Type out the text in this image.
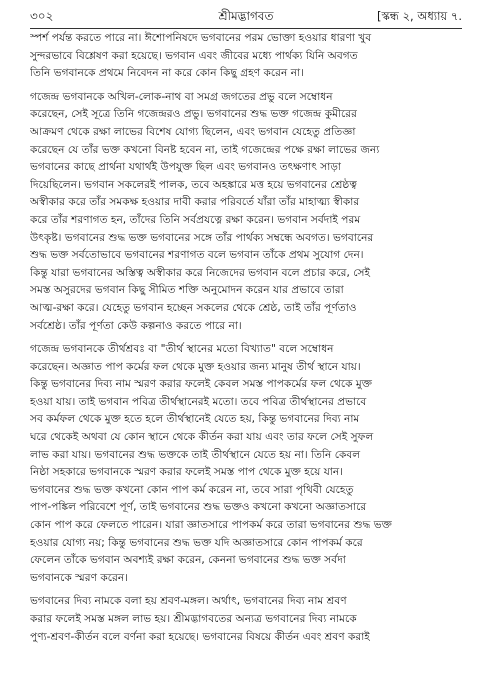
৩০২	শ্রীমদ্ভাগবত	[স্কন্ধ ২, অধ্যায় ৭.
স্পর্শ পর্যন্ত করতে পারে না। ঈশোপনিষদে ভগবানের পরম ভোক্তা হওয়ার ধারণা খুব
সুন্দরভাবে বিশ্লেষণ করা হয়েছে। ভগবান এবং জীবের মধ্যে পার্থক্য যিনি অবগত
তিনি ভগবানকে প্রথমে নিবেদন না করে কোন কিছু গ্রহণ করেন না।
গজেন্দ্র ভগবানকে অখিল-লোক-নাথ বা সমগ্র জগতের প্রভু বলে সম্বোধন
করেছেন, সেই সূত্রে তিনি গজেন্দ্ররও প্রভু। ভগবানের শুদ্ধ ভক্ত গজেন্দ্র কুমীরের
আক্রমণ থেকে রক্ষা লাভের বিশেষ যোগ্য ছিলেন, এবং ভগবান যেহেতু প্রতিজ্ঞা
করেছেন যে তাঁর ভক্ত কখনো বিনষ্ট হবেন না, তাই গজেন্দ্রের পক্ষে রক্ষা লাভের জন্য
ভগবানের কাছে প্রার্থনা যথার্থই উপযুক্ত ছিল এবং ভগবানও তৎক্ষণাৎ সাড়া
দিয়েছিলেন। ভগবান সকলেরই পালক, তবে অহঙ্কারে মত্ত হয়ে ভগবানের শ্রেষ্ঠত্ব
অস্বীকার করে তাঁর সমকক্ষ হওয়ার দাবী করার পরিবর্তে যাঁরা তাঁর মাহাত্ম্য স্বীকার
করে তাঁর শরণাগত হন, তাঁদের তিনি সর্বপ্রযত্নে রক্ষা করেন। ভগবান সর্বদাই পরম
উৎকৃষ্ট। ভগবানের শুদ্ধ ভক্ত ভগবানের সঙ্গে তাঁর পার্থক্য সম্বন্ধে অবগত। ভগবানের
শুদ্ধ ভক্ত সর্বতোভাবে ভগবানের শরণাগত বলে ভগবান তাঁকে প্রথম সুযোগ দেন।
কিন্তু যারা ভগবানের অস্তিত্ব অস্বীকার করে নিজেদের ভগবান বলে প্রচার করে, সেই
সমস্ত অসুরদের ভগবান কিছু সীমিত শক্তি অনুমোদন করেন যার প্রভাবে তারা
আত্ম-রক্ষা করে। যেহেতু ভগবান হচ্ছেন সকলের থেকে শ্রেষ্ঠ, তাই তাঁর পূর্ণতাও
সর্বশ্রেষ্ঠ। তাঁর পূর্ণতা কেউ কল্পনাও করতে পারে না।
গজেন্দ্র ভগবানকে তীর্থশ্রবঃ বা "তীর্থ স্থানের মতো বিখ্যাত" বলে সম্বোধন
করেছেন। অজ্ঞাত পাপ কর্মের ফল থেকে মুক্ত হওয়ার জন্য মানুষ তীর্থ স্থানে যায়।
কিন্তু ভগবানের দিব্য নাম স্মরণ করার ফলেই কেবল সমস্ত পাপকর্মের ফল থেকে মুক্ত
হওয়া যায়। তাই ভগবান পবিত্র তীর্থস্থানেরই মতো। তবে পবিত্র তীর্থস্থানের প্রভাবে
সব কর্মফল থেকে মুক্ত হতে হলে তীর্থস্থানেই যেতে হয়, কিন্তু ভগবানের দিব্য নাম
ঘরে থেকেই অথবা যে কোন স্থানে থেকে কীর্তন করা যায় এবং তার ফলে সেই সুফল
লাভ করা যায়। ভগবানের শুদ্ধ ভক্তকে তাই তীর্থস্থানে যেতে হয় না। তিনি কেবল
নিষ্ঠা সহকারে ভগবানকে স্মরণ করার ফলেই সমস্ত পাপ থেকে মুক্ত হয়ে যান।
ভগবানের শুদ্ধ ভক্ত কখনো কোন পাপ কর্ম করেন না, তবে সারা পৃথিবী যেহেতু
পাপ-পঙ্কিল পরিবেশে পূর্ণ, তাই ভগবানের শুদ্ধ ভক্তও কখনো কখনো অজ্ঞাতসারে
কোন পাপ করে ফেলতে পারেন। যারা জ্ঞাতসারে পাপকর্ম করে তারা ভগবানের শুদ্ধ ভক্ত
হওয়ার যোগ্য নয়; কিন্তু ভগবানের শুদ্ধ ভক্ত যদি অজ্ঞাতসারে কোন পাপকর্ম করে
ফেলেন তাঁকে ভগবান অবশ্যই রক্ষা করেন, কেননা ভগবানের শুদ্ধ ভক্ত সর্বদা
ভগবানকে স্মরণ করেন।
ভগবানের দিব্য নামকে বলা হয় শ্রবণ-মঙ্গল। অর্থাৎ, ভগবানের দিব্য নাম শ্রবণ
করার ফলেই সমস্ত মঙ্গল লাভ হয়। শ্রীমদ্ভাগবতের অন্যত্র ভগবানের দিব্য নামকে
পুণ্য-শ্রবণ-কীর্তন বলে বর্ণনা করা হয়েছে। ভগবানের বিষয়ে কীর্তন এবং শ্রবণ করাই
